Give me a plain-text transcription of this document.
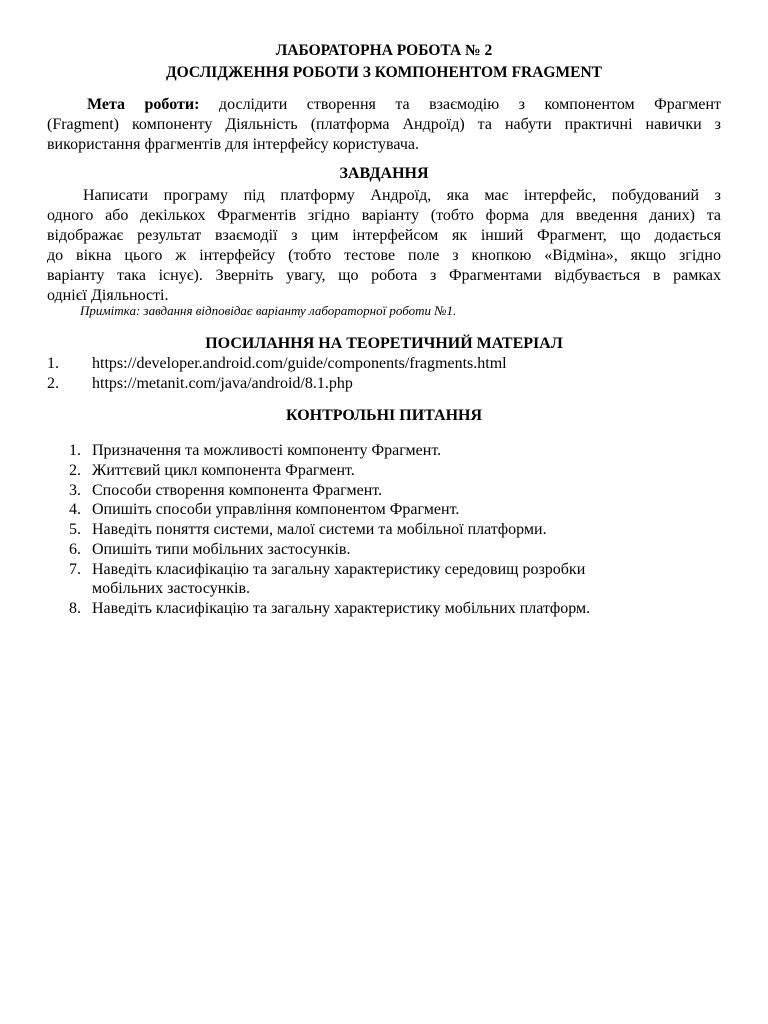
ЛАБОРАТОРНА РОБОТА № 2
ДОСЛІДЖЕННЯ РОБОТИ З КОМПОНЕНТОМ FRAGMENT
Мета роботи: дослідити створення та взаємодію з компонентом Фрагмент
(Fragment) компоненту Діяльність (платформа Андроїд) та набути практичні навички з
використання фрагментів для інтерфейсу користувача.
ЗАВДАННЯ
Написати програму під платформу Андроїд, яка має інтерфейс, побудований з
одного або декількох Фрагментів згідно варіанту (тобто форма для введення даних) та
відображає результат взаємодії з цим інтерфейсом як інший Фрагмент, що додається
до вікна цього ж інтерфейсу (тобто тестове поле з кнопкою «Відміна», якщо згідно
варіанту така існує). Зверніть увагу, що робота з Фрагментами відбувається в рамках
однієї Діяльності.
Примітка: завдання відповідає варіанту лабораторної роботи №1.
ПОСИЛАННЯ НА ТЕОРЕТИЧНИЙ МАТЕРІАЛ
1. https://developer.android.com/guide/components/fragments.html
2. https://metanit.com/java/android/8.1.php
КОНТРОЛЬНІ ПИТАННЯ
1. Призначення та можливості компоненту Фрагмент.
2. Життєвий цикл компонента Фрагмент.
3. Способи створення компонента Фрагмент.
4. Опишіть способи управління компонентом Фрагмент.
5. Наведіть поняття системи, малої системи та мобільної платформи.
6. Опишіть типи мобільних застосунків.
7. Наведіть класифікацію та загальну характеристику середовищ розробки
мобільних застосунків.
8. Наведіть класифікацію та загальну характеристику мобільних платформ.
